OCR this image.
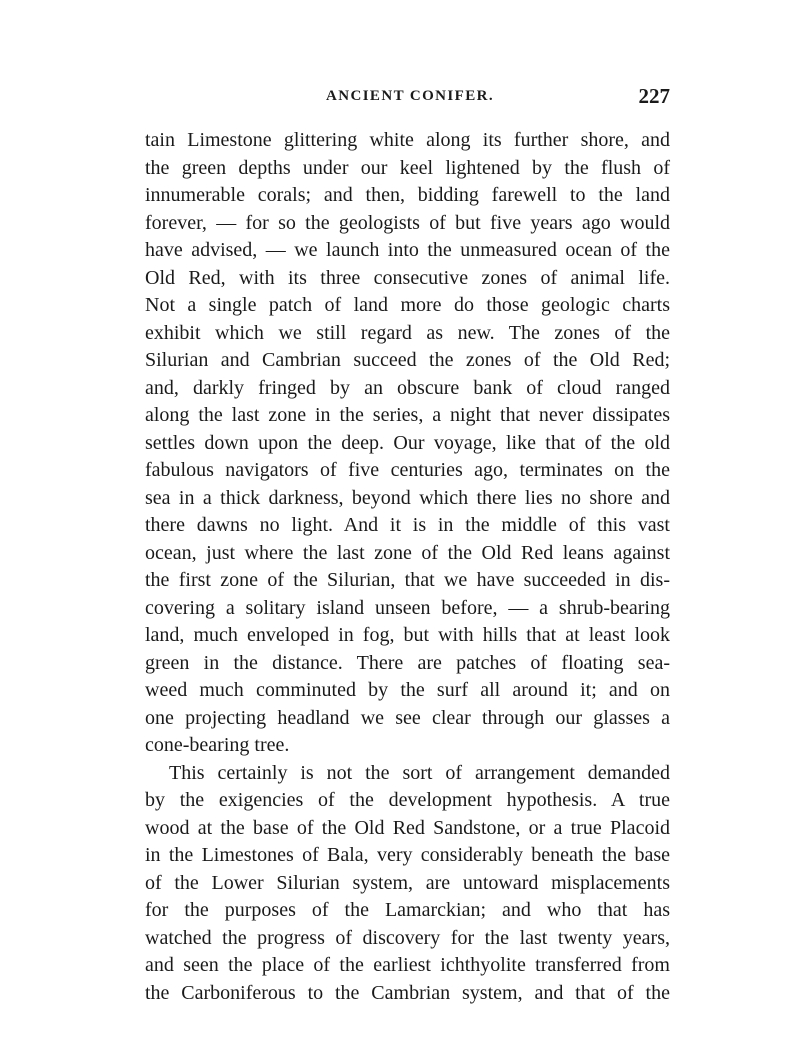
ANCIENT CONIFER.	227
tain Limestone glittering white along its further shore, and
the green depths under our keel lightened by the flush of
innumerable corals; and then, bidding farewell to the land
forever, — for so the geologists of but five years ago would
have advised, — we launch into the unmeasured ocean of the
Old Red, with its three consecutive zones of animal life.
Not a single patch of land more do those geologic charts
exhibit which we still regard as new. The zones of the
Silurian and Cambrian succeed the zones of the Old Red;
and, darkly fringed by an obscure bank of cloud ranged
along the last zone in the series, a night that never dissipates
settles down upon the deep. Our voyage, like that of the old
fabulous navigators of five centuries ago, terminates on the
sea in a thick darkness, beyond which there lies no shore and
there dawns no light. And it is in the middle of this vast
ocean, just where the last zone of the Old Red leans against
the first zone of the Silurian, that we have succeeded in dis-
covering a solitary island unseen before, — a shrub-bearing
land, much enveloped in fog, but with hills that at least look
green in the distance. There are patches of floating sea-
weed much comminuted by the surf all around it; and on
one projecting headland we see clear through our glasses a
cone-bearing tree.
This certainly is not the sort of arrangement demanded
by the exigencies of the development hypothesis. A true
wood at the base of the Old Red Sandstone, or a true Placoid
in the Limestones of Bala, very considerably beneath the base
of the Lower Silurian system, are untoward misplacements
for the purposes of the Lamarckian; and who that has
watched the progress of discovery for the last twenty years,
and seen the place of the earliest ichthyolite transferred from
the Carboniferous to the Cambrian system, and that of the
